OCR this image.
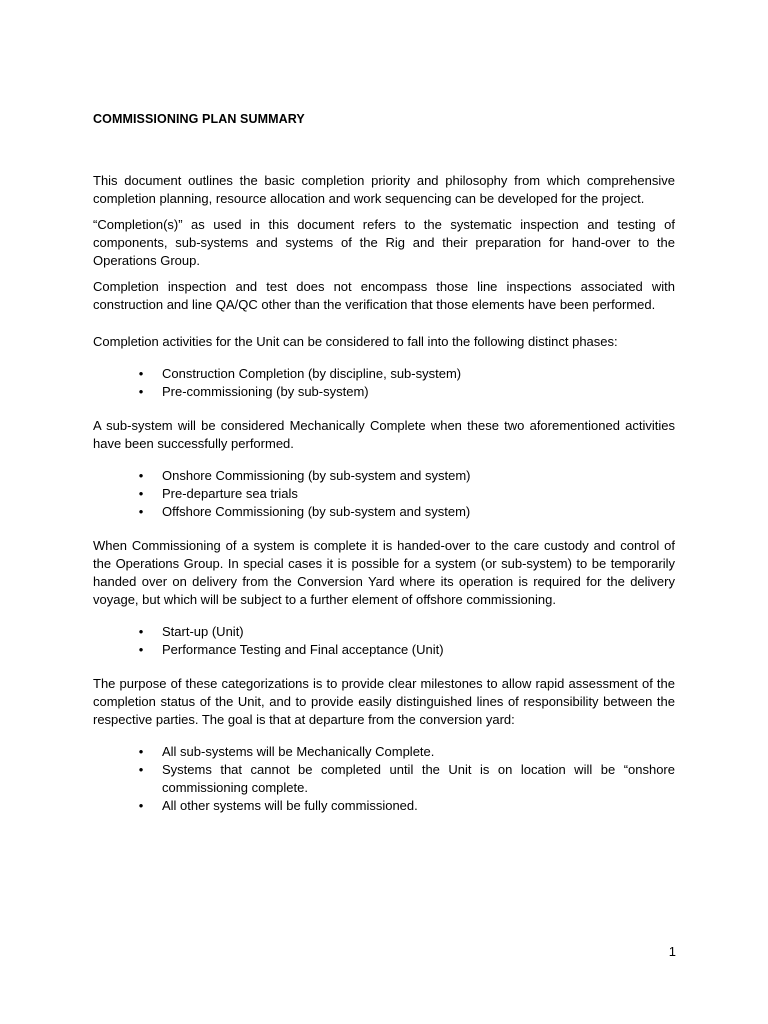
COMMISSIONING PLAN SUMMARY

This document outlines the basic completion priority and philosophy from which comprehensive completion planning, resource allocation and work sequencing can be developed for the project.

“Completion(s)” as used in this document refers to the systematic inspection and testing of components, sub-systems and systems of the Rig and their preparation for hand-over to the Operations Group.

Completion inspection and test does not encompass those line inspections associated with construction and line QA/QC other than the verification that those elements have been performed.

Completion activities for the Unit can be considered to fall into the following distinct phases:

• Construction Completion (by discipline, sub-system)
• Pre-commissioning (by sub-system)

A sub-system will be considered Mechanically Complete when these two aforementioned activities have been successfully performed.

• Onshore Commissioning (by sub-system and system)
• Pre-departure sea trials
• Offshore Commissioning (by sub-system and system)

When Commissioning of a system is complete it is handed-over to the care custody and control of the Operations Group. In special cases it is possible for a system (or sub-system) to be temporarily handed over on delivery from the Conversion Yard where its operation is required for the delivery voyage, but which will be subject to a further element of offshore commissioning.

• Start-up (Unit)
• Performance Testing and Final acceptance (Unit)

The purpose of these categorizations is to provide clear milestones to allow rapid assessment of the completion status of the Unit, and to provide easily distinguished lines of responsibility between the respective parties. The goal is that at departure from the conversion yard:

• All sub-systems will be Mechanically Complete.
• Systems that cannot be completed until the Unit is on location will be “onshore commissioning complete.
• All other systems will be fully commissioned.
1
